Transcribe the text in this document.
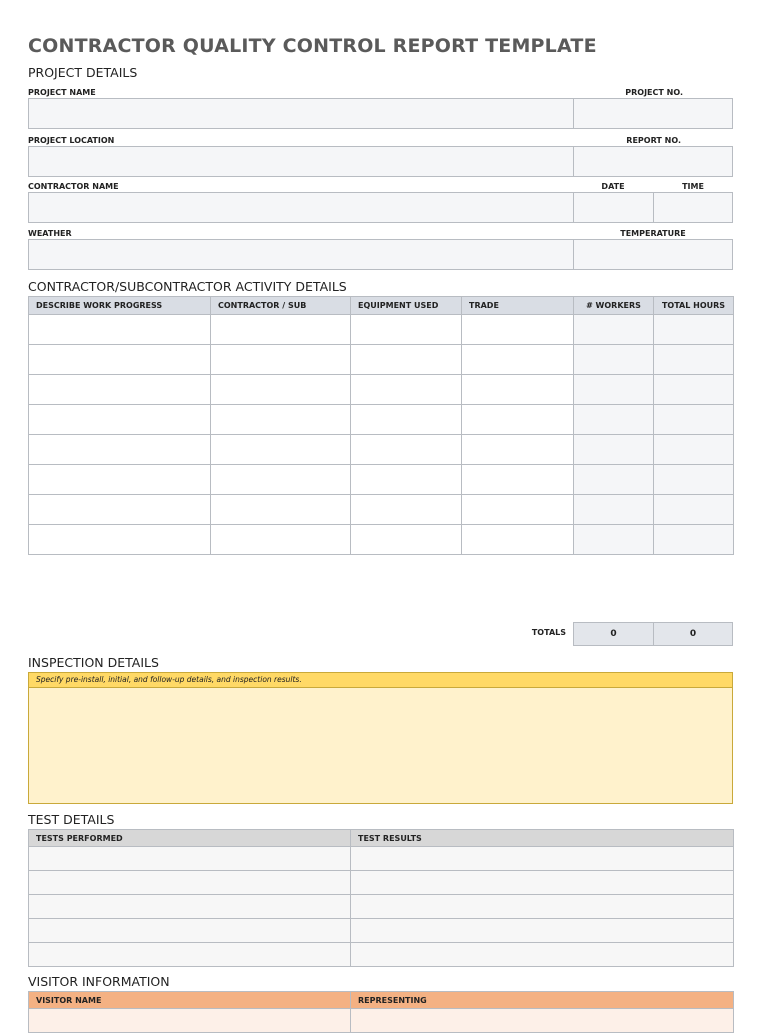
CONTRACTOR QUALITY CONTROL REPORT TEMPLATE
PROJECT DETAILS
PROJECT NAME	PROJECT NO.
PROJECT LOCATION	REPORT NO.
CONTRACTOR NAME	DATE	TIME
WEATHER	TEMPERATURE
CONTRACTOR/SUBCONTRACTOR ACTIVITY DETAILS
DESCRIBE WORK PROGRESS	CONTRACTOR / SUB	EQUIPMENT USED	TRADE	# WORKERS	TOTAL HOURS

TOTALS	0	0
INSPECTION DETAILS
Specify pre-install, initial, and follow-up details, and inspection results.
TEST DETAILS
TESTS PERFORMED	TEST RESULTS

VISITOR INFORMATION
VISITOR NAME	REPRESENTING
